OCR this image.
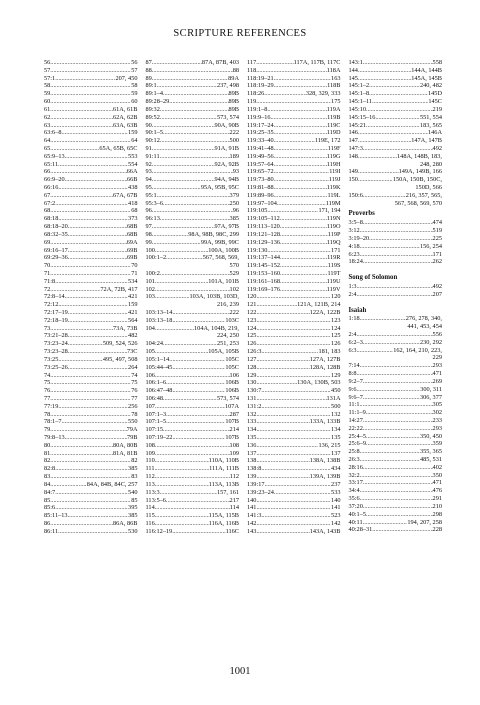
SCRIPTURE REFERENCES
56 .....	56
57 .....	57
57:1 .....	207, 450
58 .....	58
59 .....	59
60 .....	60
61 .....	61A, 61B
62 .....	62A, 62B
63 .....	63A, 63B
63:6–8 .....	159
64 .....	64
65 .....	65A, 65B, 65C
65:9–13 .....	553
65:11 .....	554
66 .....	66A
66:9–20 .....	66B
66:16 .....	438
67 .....	67A, 67B
67:2 .....	418
68 .....	68
68:18 .....	373
68:18–20 .....	68B
68:32–35 .....	68B
69 .....	69A
69:16–17 .....	69B
69:29–36 .....	69B
70 .....	70
71 .....	71
71:8 .....	534
72 .....	72A, 72B, 417
72:8–14 .....	421
72:12 .....	159
72:17–19 .....	421
72:18–19 .....	564
73 .....	73A, 73B
73:21–28 .....	482
73:23–24 .....	509, 524, 526
73:23–28 .....	73C
73:25 .....	495, 497, 508
73:25–26 .....	264
74 .....	74
75 .....	75
76 .....	76
77 .....	77
77:19 .....	256
78 .....	78
78:1–7 .....	550
79 .....	79A
79:8–13 .....	79B
80 .....	80A, 80B
81 .....	81A, 81B
82 .....	82
82:8 .....	385
83 .....	83
84 .....	84A, 84B, 84C, 257
84:7 .....	540
85 .....	85
85:6 .....	395
85:11–13 .....	385
86 .....	86A, 86B
86:11 .....	530
87 .....	87A, 87B, 403
88 .....	88
89 .....	89A
89:1 .....	237, 498
89:1–4 .....	89B
89:28–29 .....	89B
89:32 .....	89B
89:52 .....	573, 574
90 .....	90A, 90B
90:1–5 .....	222
90:12 .....	500
91 .....	91A, 91B
91:11 .....	189
92 .....	92A, 92B
93 .....	93
94 .....	94A, 94B
95 .....	95A, 95B, 95C
95:1 .....	379
95:3–6 .....	250
96 .....	96
96:13 .....	385
97 .....	97A, 97B
98 .....	98A, 98B, 98C, 299
99 .....	99A, 99B, 99C
100 .....	100A, 100B
100:1–2 .....	567, 568, 569,
570
100:2 .....	529
101 .....	101A, 101B
102 .....	102
103 .....	103A, 103B, 103D,
216, 239
103:13–14 .....	222
103:13–18 .....	103C
104 .....	104A, 104B, 219,
224, 250
104:24 .....	251, 253
105 .....	105A, 105B
105:1–14 .....	105C
105:44–45 .....	105C
106 .....	106
106:1–6 .....	106B
106:47–48 .....	106B
106:48 .....	573, 574
107 .....	107A
107:1–3 .....	287
107:1–5 .....	107B
107:15 .....	214
107:19–22 .....	107B
108 .....	108
109 .....	109
110 .....	110A, 110B
111 .....	111A, 111B
112 .....	112
113 .....	113A, 113B
113:3 .....	157, 161
113:5–6 .....	217
114 .....	114
115 .....	115A, 115B
116 .....	116A, 116B
116:12–19 .....	116C
117 .....	117A, 117B, 117C
118 .....	118A
118:19–21 .....	163
118:19–29 .....	118B
118:26 .....	328, 329, 333
119 .....	175
119:1–8 .....	119A
119:9–16 .....	119B
119:17–24 .....	119C
119:25–35 .....	119D
119:33–40 .....	119E, 172
119:41–48 .....	119F
119:49–56 .....	119G
119:57–64 .....	119H
119:65–72 .....	119I
119:73–80 .....	119J
119:81–88 .....	119K
119:89–96 .....	119L
119:97–104 .....	119M
119:105 .....	171, 194
119:105–112 .....	119N
119:113–120 .....	119O
119:121–128 .....	119P
119:129–136 .....	119Q
119:130 .....	171
119:137–144 .....	119R
119:145–152 .....	119S
119:153–160 .....	119T
119:161–168 .....	119U
119:169–176 .....	119V
120 .....	120
121 .....	121A, 121B, 214
122 .....	122A, 122B
123 .....	123
124 .....	124
125 .....	125
126 .....	126
126:3 .....	181, 183
127 .....	127A, 127B
128 .....	128A, 128B
129 .....	129
130 .....	130A, 130B, 503
130:7 .....	450
131 .....	131A
131:2 .....	500
132 .....	132
133 .....	133A, 133B
134 .....	134
135 .....	135
136 .....	136, 215
137 .....	137
138 .....	138A, 138B
138:8 .....	434
139 .....	139A, 139B
139:17 .....	237
139:23–24 .....	533
140 .....	140
141 .....	141
141:3 .....	523
142 .....	142
143 .....	143A, 143B
143:1 .....	558
144 .....	144A, 144B
145 .....	145A, 145B
145:1–2 .....	240, 482
145:1–8 .....	145D
145:1–11 .....	145C
145:10 .....	219
145:15–16 .....	551, 554
145:21 .....	183, 565
146 .....	146A
147 .....	147A, 147B
147:3 .....	492
148 .....	148A, 148B, 183,
248, 280
149 .....	149A, 149B, 166
150 .....	150A, 150B, 150C,
150D, 566
150:6 .....	216, 357, 565,
567, 568, 569, 570
Proverbs
3:5–8 .....	474
3:12 .....	519
3:19–20 .....	225
4:18 .....	156, 254
6:23 .....	171
18:24 .....	262
Song of Solomon
1:3 .....	492
2:4 .....	207
Isaiah
1:18 .....	276, 278, 340,
441, 453, 454
2:4 .....	556
6:2–3 .....	230, 292
6:3 .....	162, 164, 210, 223,
229
7:14 .....	293
8:8 .....	471
9:2–7 .....	269
9:6 .....	300, 311
9:6–7 .....	306, 377
11:1 .....	305
11:1–9 .....	302
14:27 .....	233
22:22 .....	293
25:4–5 .....	350, 450
25:6–9 .....	359
25:8 .....	355, 365
26:3 .....	485, 531
28:16 .....	402
32:2 .....	350
33:17 .....	471
34:4 .....	476
35:6 .....	291
37:20 .....	210
40:1–5 .....	298
40:11 .....	194, 207, 258
40:28–31 .....	228
1001
